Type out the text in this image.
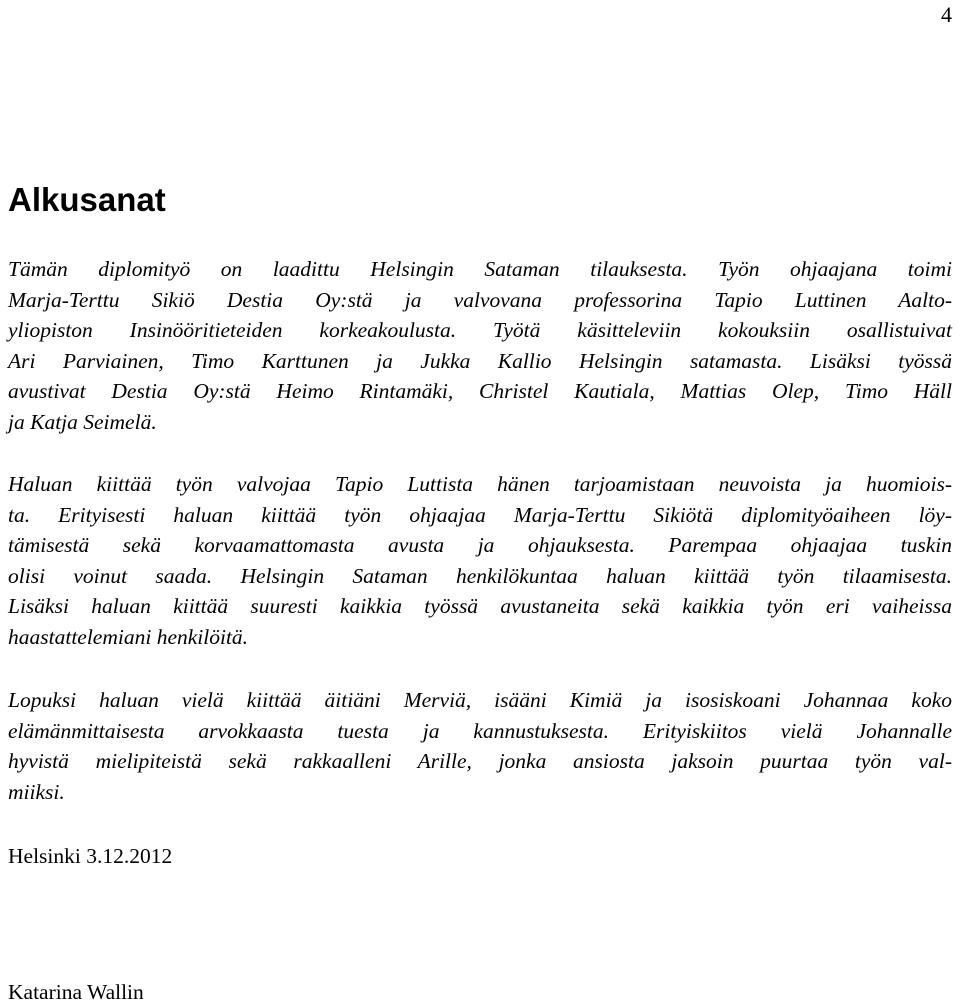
4
Alkusanat

Tämän diplomityö on laadittu Helsingin Sataman tilauksesta. Työn ohjaajana toimi
Marja-Terttu Sikiö Destia Oy:stä ja valvovana professorina Tapio Luttinen Aalto-
yliopiston Insinööritieteiden korkeakoulusta. Työtä käsitteleviin kokouksiin osallistuivat
Ari Parviainen, Timo Karttunen ja Jukka Kallio Helsingin satamasta. Lisäksi työssä
avustivat Destia Oy:stä Heimo Rintamäki, Christel Kautiala, Mattias Olep, Timo Häll
ja Katja Seimelä.

Haluan kiittää työn valvojaa Tapio Luttista hänen tarjoamistaan neuvoista ja huomiois-
ta. Erityisesti haluan kiittää työn ohjaajaa Marja-Terttu Sikiötä diplomityöaiheen löy-
tämisestä sekä korvaamattomasta avusta ja ohjauksesta. Parempaa ohjaajaa tuskin
olisi voinut saada. Helsingin Sataman henkilökuntaa haluan kiittää työn tilaamisesta.
Lisäksi haluan kiittää suuresti kaikkia työssä avustaneita sekä kaikkia työn eri vaiheissa
haastattelemiani henkilöitä.

Lopuksi haluan vielä kiittää äitiäni Merviä, isääni Kimiä ja isosiskoani Johannaa koko
elämänmittaisesta arvokkaasta tuesta ja kannustuksesta. Erityiskiitos vielä Johannalle
hyvistä mielipiteistä sekä rakkaalleni Arille, jonka ansiosta jaksoin puurtaa työn val-
miiksi.

Helsinki 3.12.2012
Katarina Wallin
